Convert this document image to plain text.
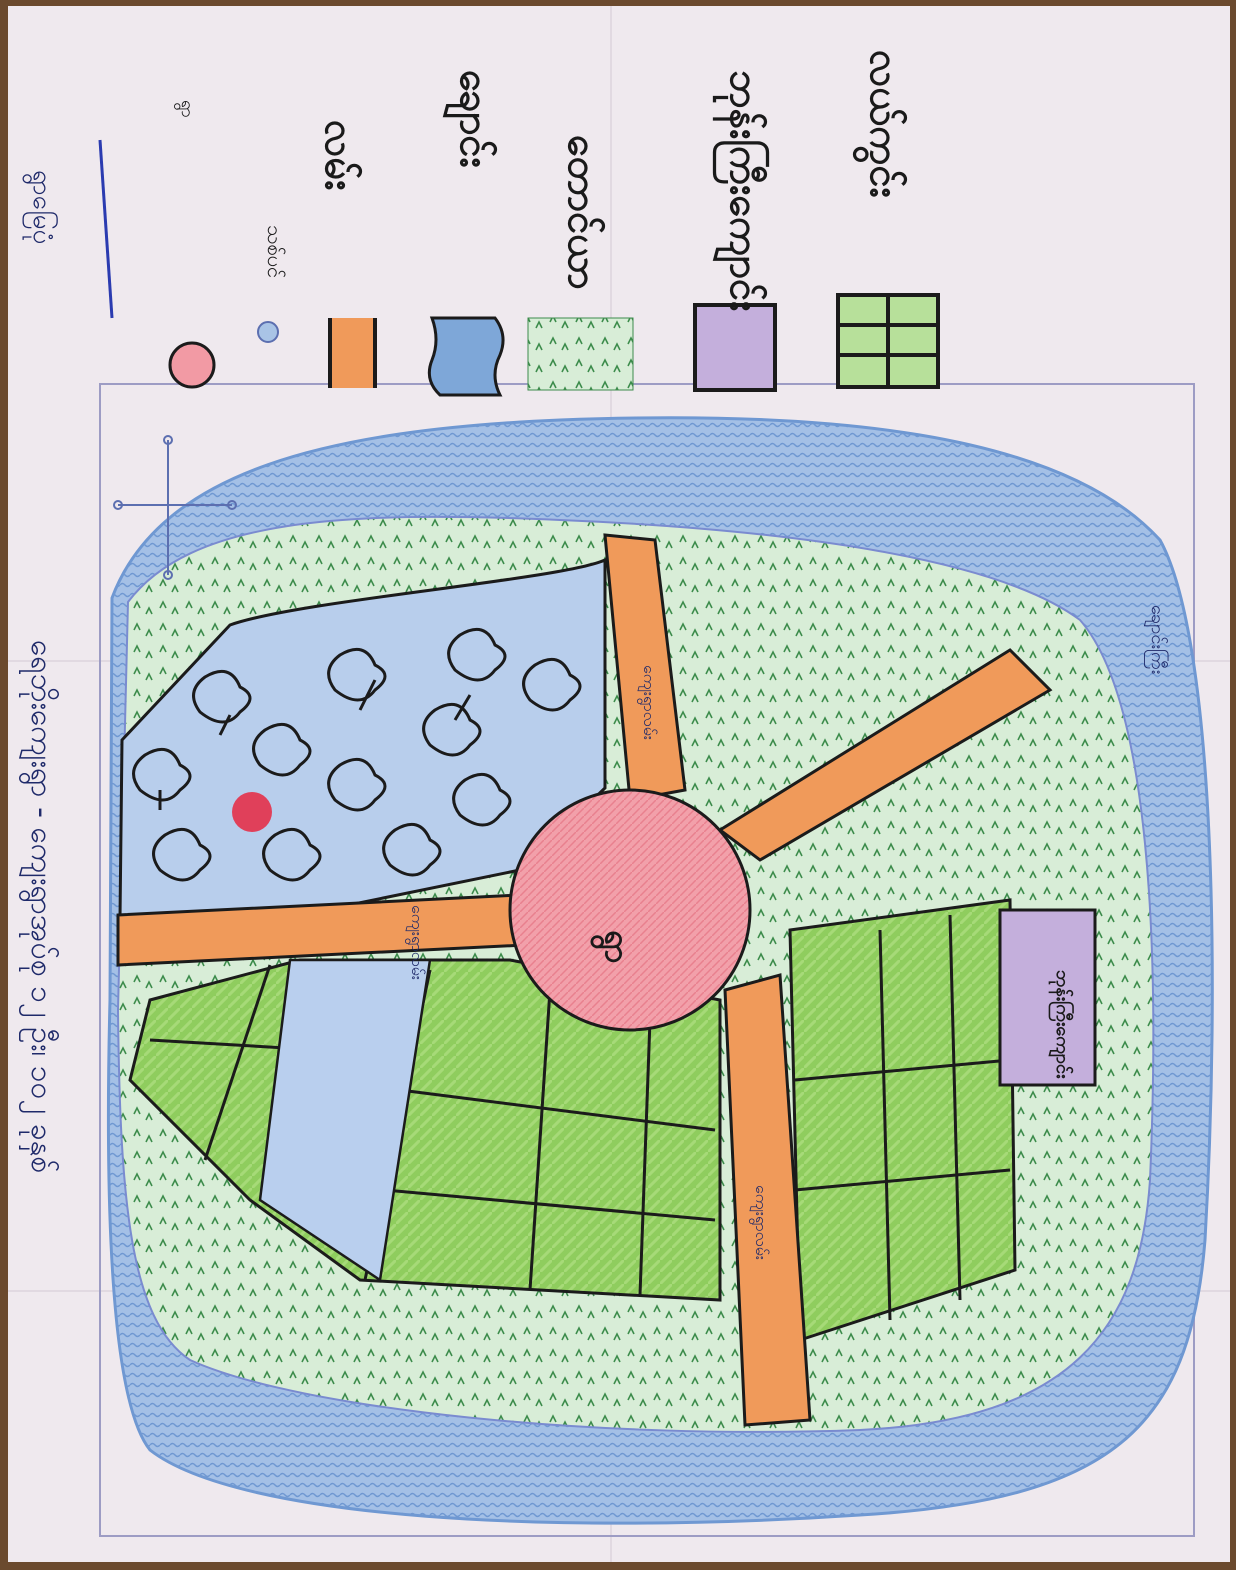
ရွာမြေပုံ
လယ်ကွင်း
ဘုန်းကြီးကျောင်း
တောင်ယာ
ချောင်း
လမ်း
သစ်ပင်
ရွာ
ရေဘိုးကျေးရွာ - ကျေးရွာအုပ်စု ၁၂ ဦး၊ ၁၀၂ ခုနှစ်	ရွာ
ကျေးရွာလမ်း
ကျေးရွာလမ်း
ကျေးရွာလမ်း
ချောင်းကြီး
ဘုန်းကြီးကျောင်း
